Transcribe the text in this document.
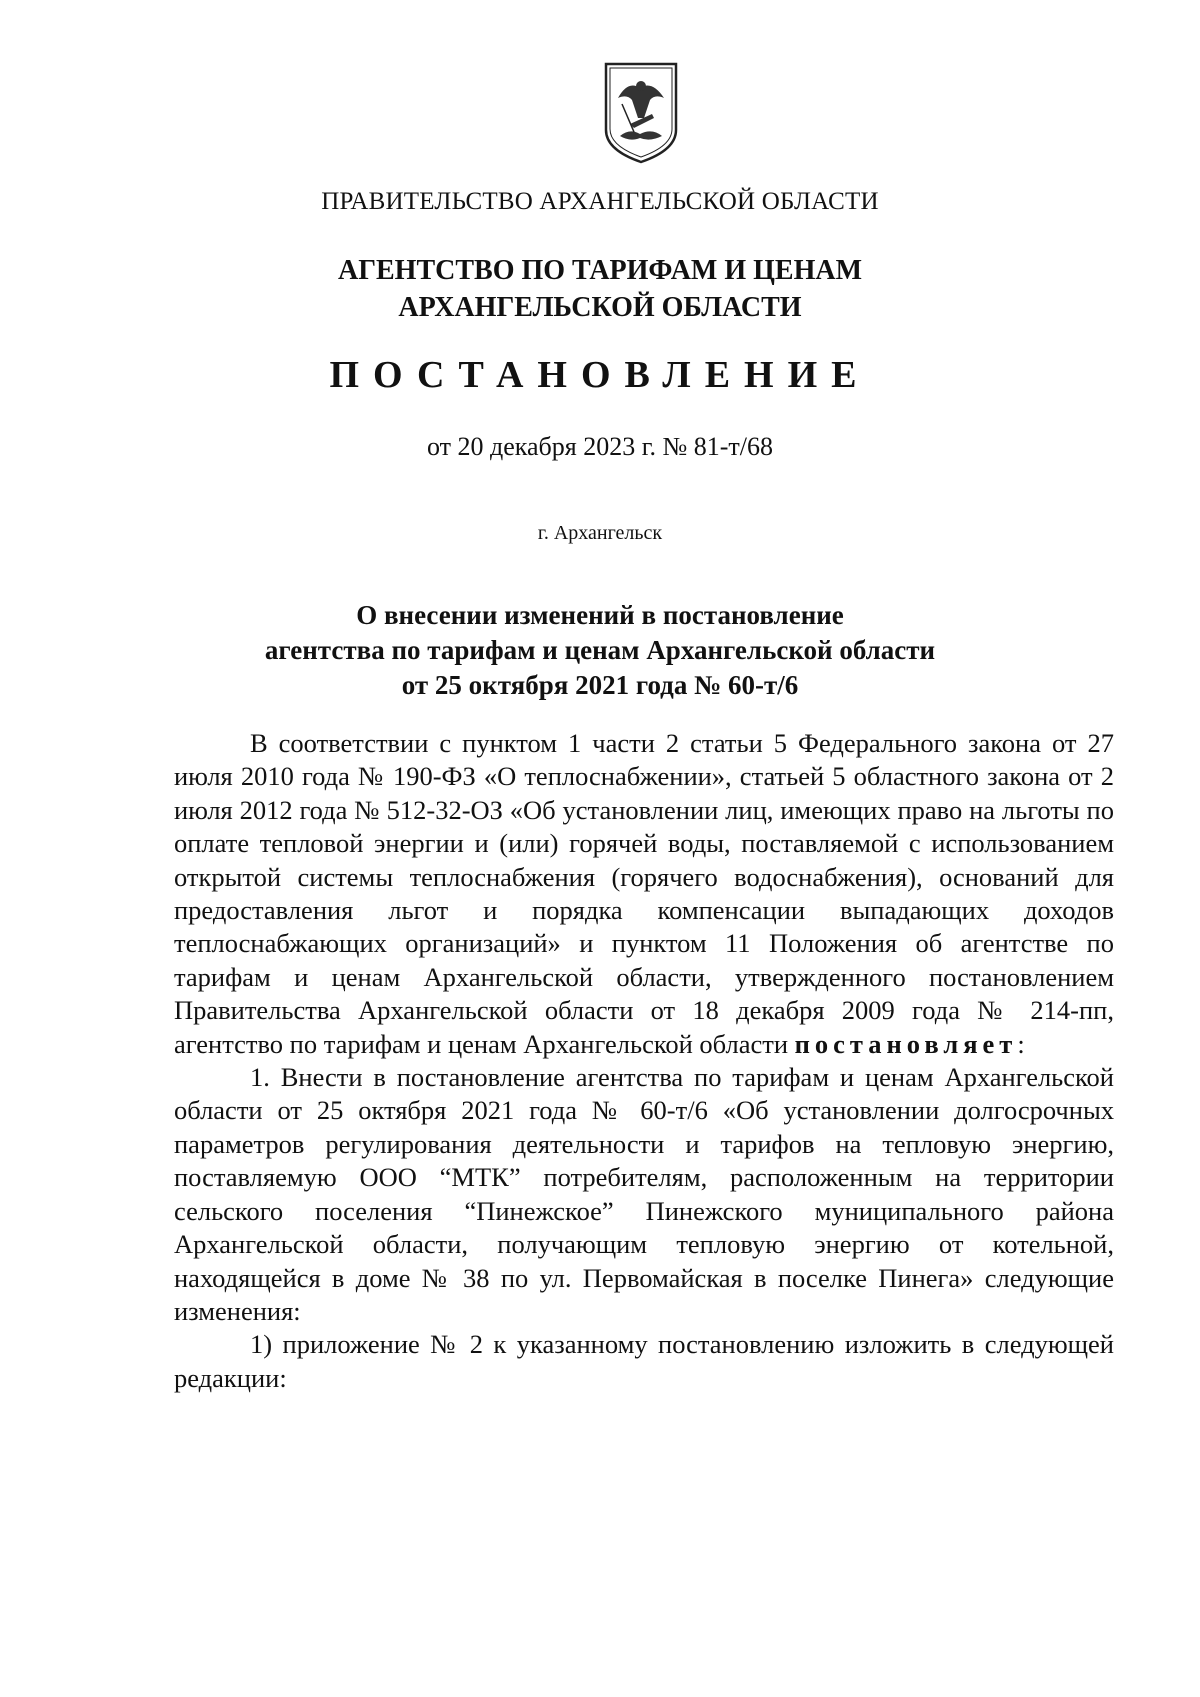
ПРАВИТЕЛЬСТВО АРХАНГЕЛЬСКОЙ ОБЛАСТИ
АГЕНТСТВО ПО ТАРИФАМ И ЦЕНАМ
АРХАНГЕЛЬСКОЙ ОБЛАСТИ
ПОСТАНОВЛЕНИЕ
от 20 декабря 2023 г. № 81-т/68
г. Архангельск
О внесении изменений в постановление
агентства по тарифам и ценам Архангельской области
от 25 октября 2021 года № 60-т/6

В соответствии с пунктом 1 части 2 статьи 5 Федерального закона от 27 июля 2010 года № 190-ФЗ «О теплоснабжении», статьей 5 областного закона от 2 июля 2012 года № 512-32-ОЗ «Об установлении лиц, имеющих право на льготы по оплате тепловой энергии и (или) горячей воды, поставляемой с использованием открытой системы теплоснабжения (горячего водоснабжения), оснований для предоставления льгот и порядка компенсации выпадающих доходов теплоснабжающих организаций» и пунктом 11 Положения об агентстве по тарифам и ценам Архангельской области, утвержденного постановлением Правительства Архангельской области от 18 декабря 2009 года № 214-пп, агентство по тарифам и ценам Архангельской области постановляет:

1. Внести в постановление агентства по тарифам и ценам Архангельской области от 25 октября 2021 года № 60-т/6 «Об установлении долгосрочных параметров регулирования деятельности и тарифов на тепловую энергию, поставляемую ООО “МТК” потребителям, расположенным на территории сельского поселения “Пинежское” Пинежского муниципального района Архангельской области, получающим тепловую энергию от котельной, находящейся в доме № 38 по ул. Первомайская в поселке Пинега» следующие изменения:

1) приложение № 2 к указанному постановлению изложить в следующей редакции:
